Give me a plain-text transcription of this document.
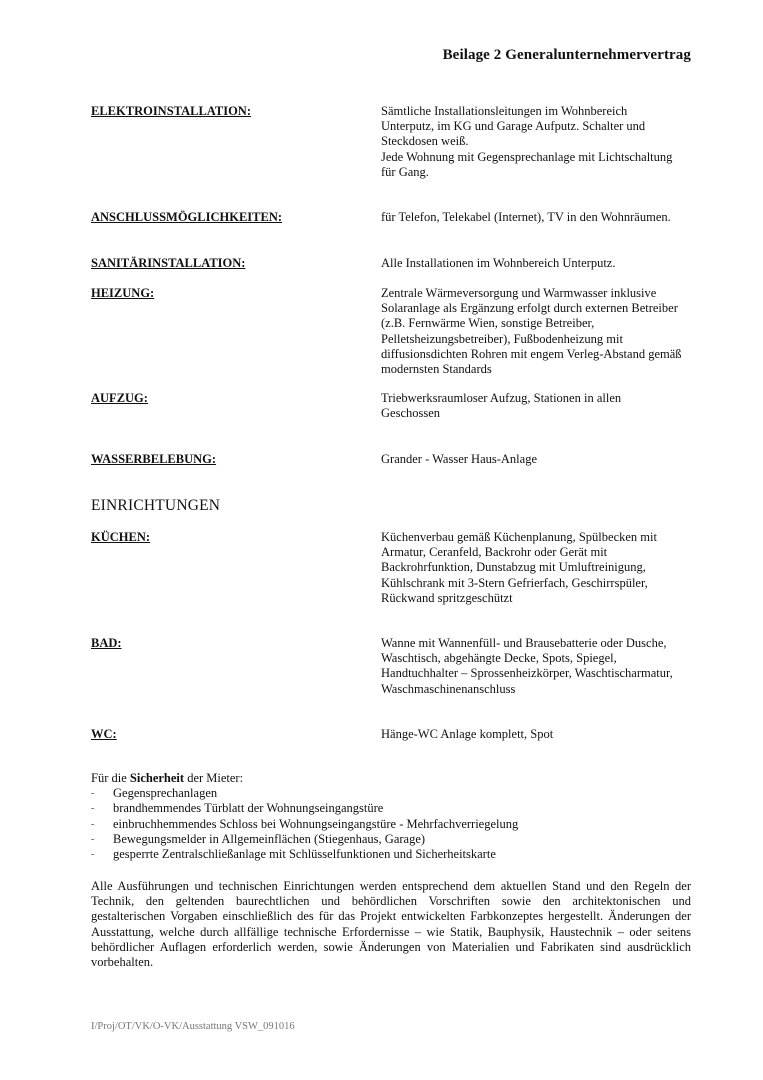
Beilage 2 Generalunternehmervertrag
ELEKTROINSTALLATION:	Sämtliche Installationsleitungen im Wohnbereich
Unterputz, im KG und Garage Aufputz. Schalter und
Steckdosen weiß.
Jede Wohnung mit Gegensprechanlage mit Lichtschaltung
für Gang.
ANSCHLUSSMÖGLICHKEITEN:	für Telefon, Telekabel (Internet), TV in den Wohnräumen.
SANITÄRINSTALLATION:	Alle Installationen im Wohnbereich Unterputz.
HEIZUNG:	Zentrale Wärmeversorgung und Warmwasser inklusive
Solaranlage als Ergänzung erfolgt durch externen Betreiber
(z.B. Fernwärme Wien, sonstige Betreiber,
Pelletsheizungsbetreiber), Fußbodenheizung mit
diffusionsdichten Rohren mit engem Verleg-Abstand gemäß
modernsten Standards
AUFZUG:	Triebwerksraumloser Aufzug, Stationen in allen
Geschossen
WASSERBELEBUNG:	Grander - Wasser Haus-Anlage
EINRICHTUNGEN
KÜCHEN:	Küchenverbau gemäß Küchenplanung, Spülbecken mit
Armatur, Ceranfeld, Backrohr oder Gerät mit
Backrohrfunktion, Dunstabzug mit Umluftreinigung,
Kühlschrank mit 3-Stern Gefrierfach, Geschirrspüler,
Rückwand spritzgeschützt
BAD:	Wanne mit Wannenfüll- und Brausebatterie oder Dusche,
Waschtisch, abgehängte Decke, Spots, Spiegel,
Handtuchhalter – Sprossenheizkörper, Waschtischarmatur,
Waschmaschinenanschluss
WC:	Hänge-WC Anlage komplett, Spot
Für die Sicherheit der Mieter:
- Gegensprechanlagen
- brandhemmendes Türblatt der Wohnungseingangstüre
- einbruchhemmendes Schloss bei Wohnungseingangstüre - Mehrfachverriegelung
- Bewegungsmelder in Allgemeinflächen (Stiegenhaus, Garage)
- gesperrte Zentralschließanlage mit Schlüsselfunktionen und Sicherheitskarte
Alle Ausführungen und technischen Einrichtungen werden entsprechend dem aktuellen Stand und den Regeln der
Technik, den geltenden baurechtlichen und behördlichen Vorschriften sowie den architektonischen und
gestalterischen Vorgaben einschließlich des für das Projekt entwickelten Farbkonzeptes hergestellt. Änderungen der
Ausstattung, welche durch allfällige technische Erfordernisse – wie Statik, Bauphysik, Haustechnik – oder seitens
behördlicher Auflagen erforderlich werden, sowie Änderungen von Materialien und Fabrikaten sind ausdrücklich
vorbehalten.
I/Proj/OT/VK/O-VK/Ausstattung VSW_091016
